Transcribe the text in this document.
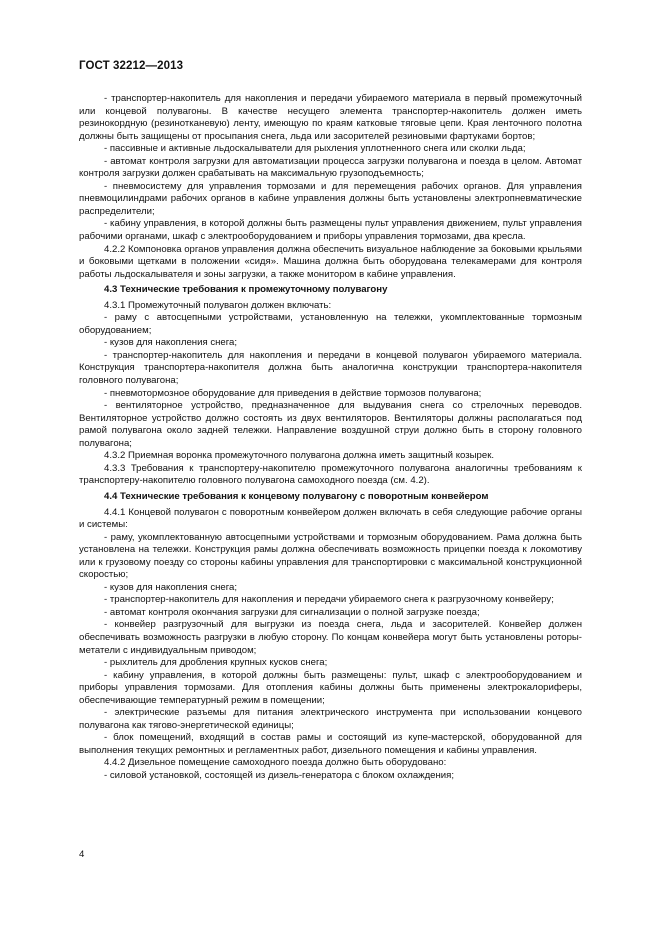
ГОСТ 32212—2013

- транспортер-накопитель для накопления и передачи убираемого материала в первый промежуточный или концевой полувагоны. В качестве несущего элемента транспортер-накопитель должен иметь резинокордную (резинотканевую) ленту, имеющую по краям катковые тяговые цепи. Края ленточного полотна должны быть защищены от просыпания снега, льда или засорителей резиновыми фартуками бортов;

- пассивные и активные льдоскалыватели для рыхления уплотненного снега или сколки льда;

- автомат контроля загрузки для автоматизации процесса загрузки полувагона и поезда в целом. Автомат контроля загрузки должен срабатывать на максимальную грузоподъемность;

- пневмосистему для управления тормозами и для перемещения рабочих органов. Для управления пневмоцилиндрами рабочих органов в кабине управления должны быть установлены электропневматические распределители;

- кабину управления, в которой должны быть размещены пульт управления движением, пульт управления рабочими органами, шкаф с электрооборудованием и приборы управления тормозами, два кресла.

4.2.2 Компоновка органов управления должна обеспечить визуальное наблюдение за боковыми крыльями и боковыми щетками в положении «сидя». Машина должна быть оборудована телекамерами для контроля работы льдоскалывателя и зоны загрузки, а также монитором в кабине управления.

4.3 Технические требования к промежуточному полувагону

4.3.1 Промежуточный полувагон должен включать:

- раму с автосцепными устройствами, установленную на тележки, укомплектованные тормозным оборудованием;

- кузов для накопления снега;

- транспортер-накопитель для накопления и передачи в концевой полувагон убираемого материала. Конструкция транспортера-накопителя должна быть аналогична конструкции транспортера-накопителя головного полувагона;

- пневмотормозное оборудование для приведения в действие тормозов полувагона;

- вентиляторное устройство, предназначенное для выдувания снега со стрелочных переводов. Вентиляторное устройство должно состоять из двух вентиляторов. Вентиляторы должны располагаться под рамой полувагона около задней тележки. Направление воздушной струи должно быть в сторону головного полувагона;

4.3.2 Приемная воронка промежуточного полувагона должна иметь защитный козырек.

4.3.3 Требования к транспортеру-накопителю промежуточного полувагона аналогичны требованиям к транспортеру-накопителю головного полувагона самоходного поезда (см. 4.2).

4.4 Технические требования к концевому полувагону с поворотным конвейером

4.4.1 Концевой полувагон с поворотным конвейером должен включать в себя следующие рабочие органы и системы:

- раму, укомплектованную автосцепными устройствами и тормозным оборудованием. Рама должна быть установлена на тележки. Конструкция рамы должна обеспечивать возможность прицепки поезда к локомотиву или к грузовому поезду со стороны кабины управления для транспортировки с максимальной конструкционной скоростью;

- кузов для накопления снега;

- транспортер-накопитель для накопления и передачи убираемого снега к разгрузочному конвейеру;

- автомат контроля окончания загрузки для сигнализации о полной загрузке поезда;

- конвейер разгрузочный для выгрузки из поезда снега, льда и засорителей. Конвейер должен обеспечивать возможность разгрузки в любую сторону. По концам конвейера могут быть установлены роторы-метатели с индивидуальным приводом;

- рыхлитель для дробления крупных кусков снега;

- кабину управления, в которой должны быть размещены: пульт, шкаф с электрооборудованием и приборы управления тормозами. Для отопления кабины должны быть применены электрокалориферы, обеспечивающие температурный режим в помещении;

- электрические разъемы для питания электрического инструмента при использовании концевого полувагона как тягово-энергетической единицы;

- блок помещений, входящий в состав рамы и состоящий из купе-мастерской, оборудованной для выполнения текущих ремонтных и регламентных работ, дизельного помещения и кабины управления.

4.4.2 Дизельное помещение самоходного поезда должно быть оборудовано:

- силовой установкой, состоящей из дизель-генератора с блоком охлаждения;

4
